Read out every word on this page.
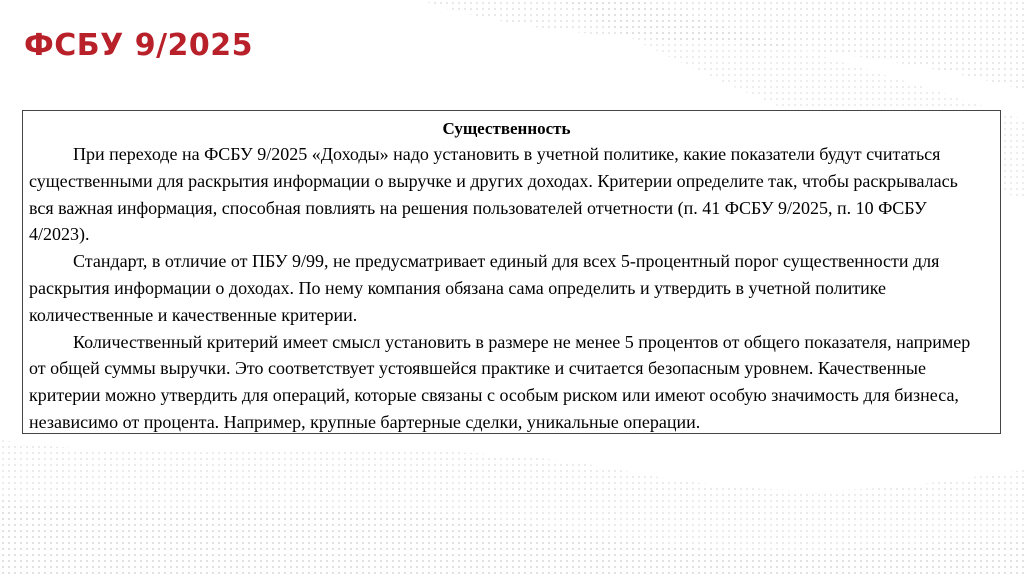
ФСБУ 9/2025

Существенность

При переходе на ФСБУ 9/2025 «Доходы» надо установить в учетной политике, какие показатели будут считаться существенными для раскрытия информации о выручке и других доходах. Критерии определите так, чтобы раскрывалась вся важная информация, способная повлиять на решения пользователей отчетности (п. 41 ФСБУ 9/2025, п. 10 ФСБУ 4/2023).

Стандарт, в отличие от ПБУ 9/99, не предусматривает единый для всех 5-процентный порог существенности для раскрытия информации о доходах. По нему компания обязана сама определить и утвердить в учетной политике количественные и качественные критерии.

Количественный критерий имеет смысл установить в размере не менее 5 процентов от общего показателя, например от общей суммы выручки. Это соответствует устоявшейся практике и считается безопасным уровнем. Качественные критерии можно утвердить для операций, которые связаны с особым риском или имеют особую значимость для бизнеса, независимо от процента. Например, крупные бартерные сделки, уникальные операции.
